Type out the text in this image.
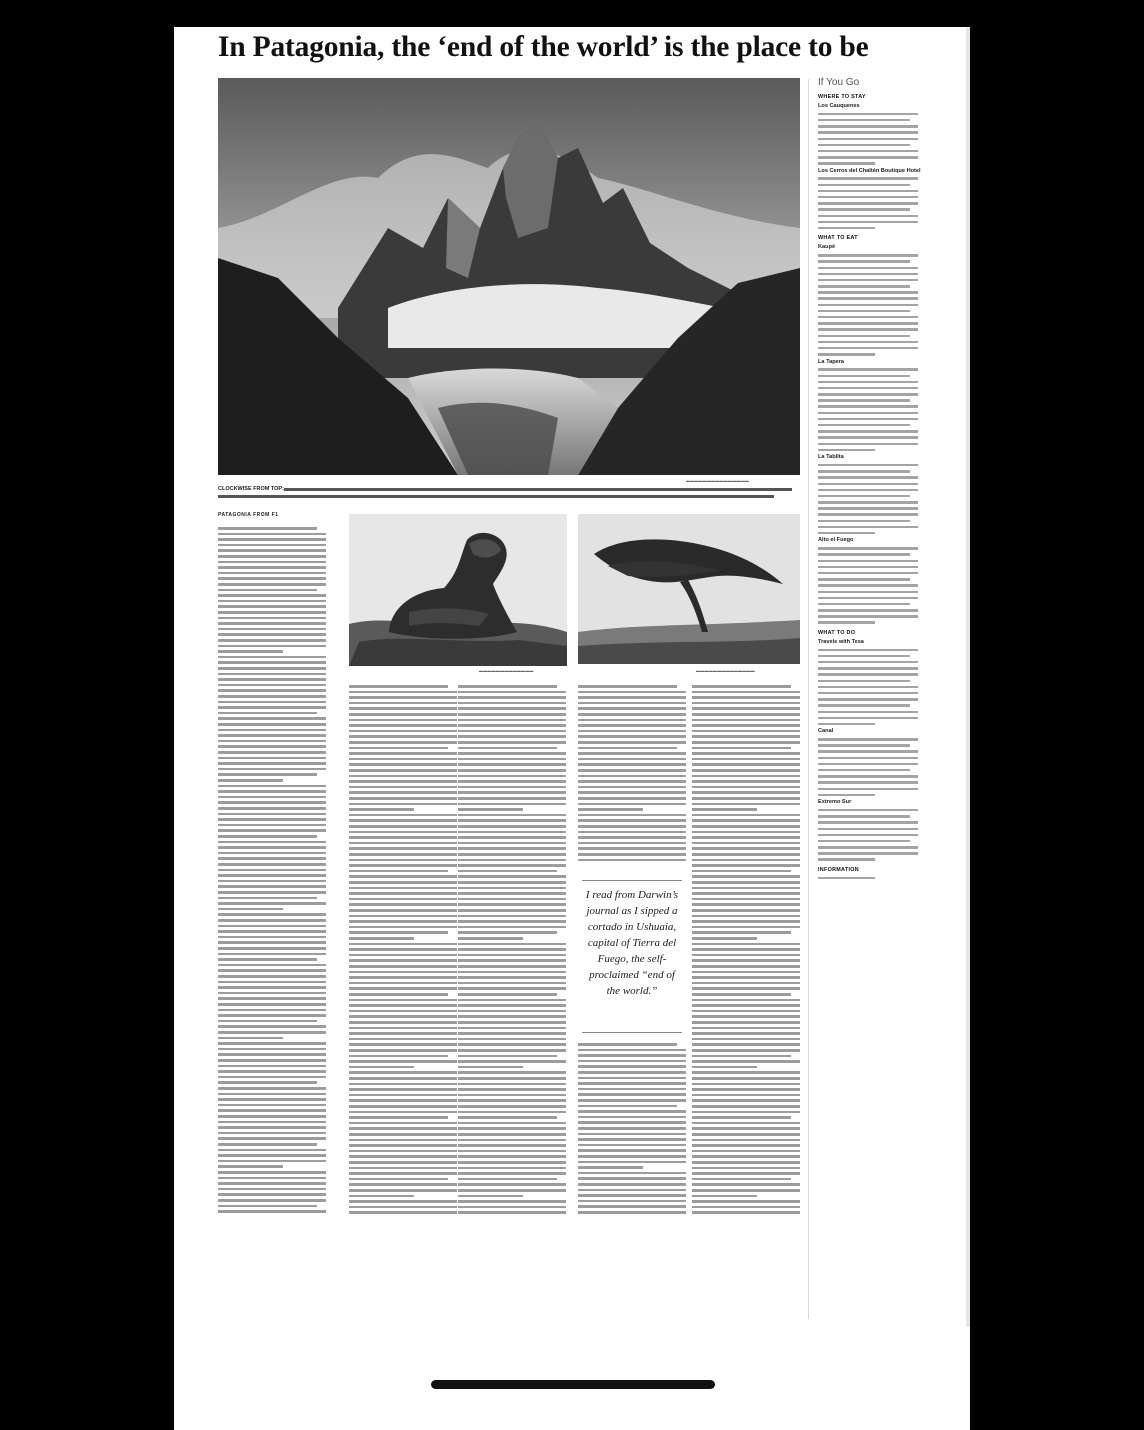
In Patagonia, the ‘end of the world’ is the place to be
▬▬▬▬▬▬▬▬▬▬▬▬▬▬▬
CLOCKWISE FROM TOP:
PATAGONIA FROM F1
▬▬▬▬▬▬▬▬▬▬▬▬▬	▬▬▬▬▬▬▬▬▬▬▬▬▬▬

I read from Darwin’s journal as I sipped a cortado in Ushuaia, capital of Tierra del Fuego, the self-proclaimed “end of the world.”

If You Go
WHERE TO STAY
Los Cauquenes
Los Cerros del Chaltén Boutique Hotel
WHAT TO EAT
Kaupé
La Tapera
La Tablita
Alto el Fuego
WHAT TO DO
Travels with Tesa
Canal
Extremo Sur
INFORMATION
